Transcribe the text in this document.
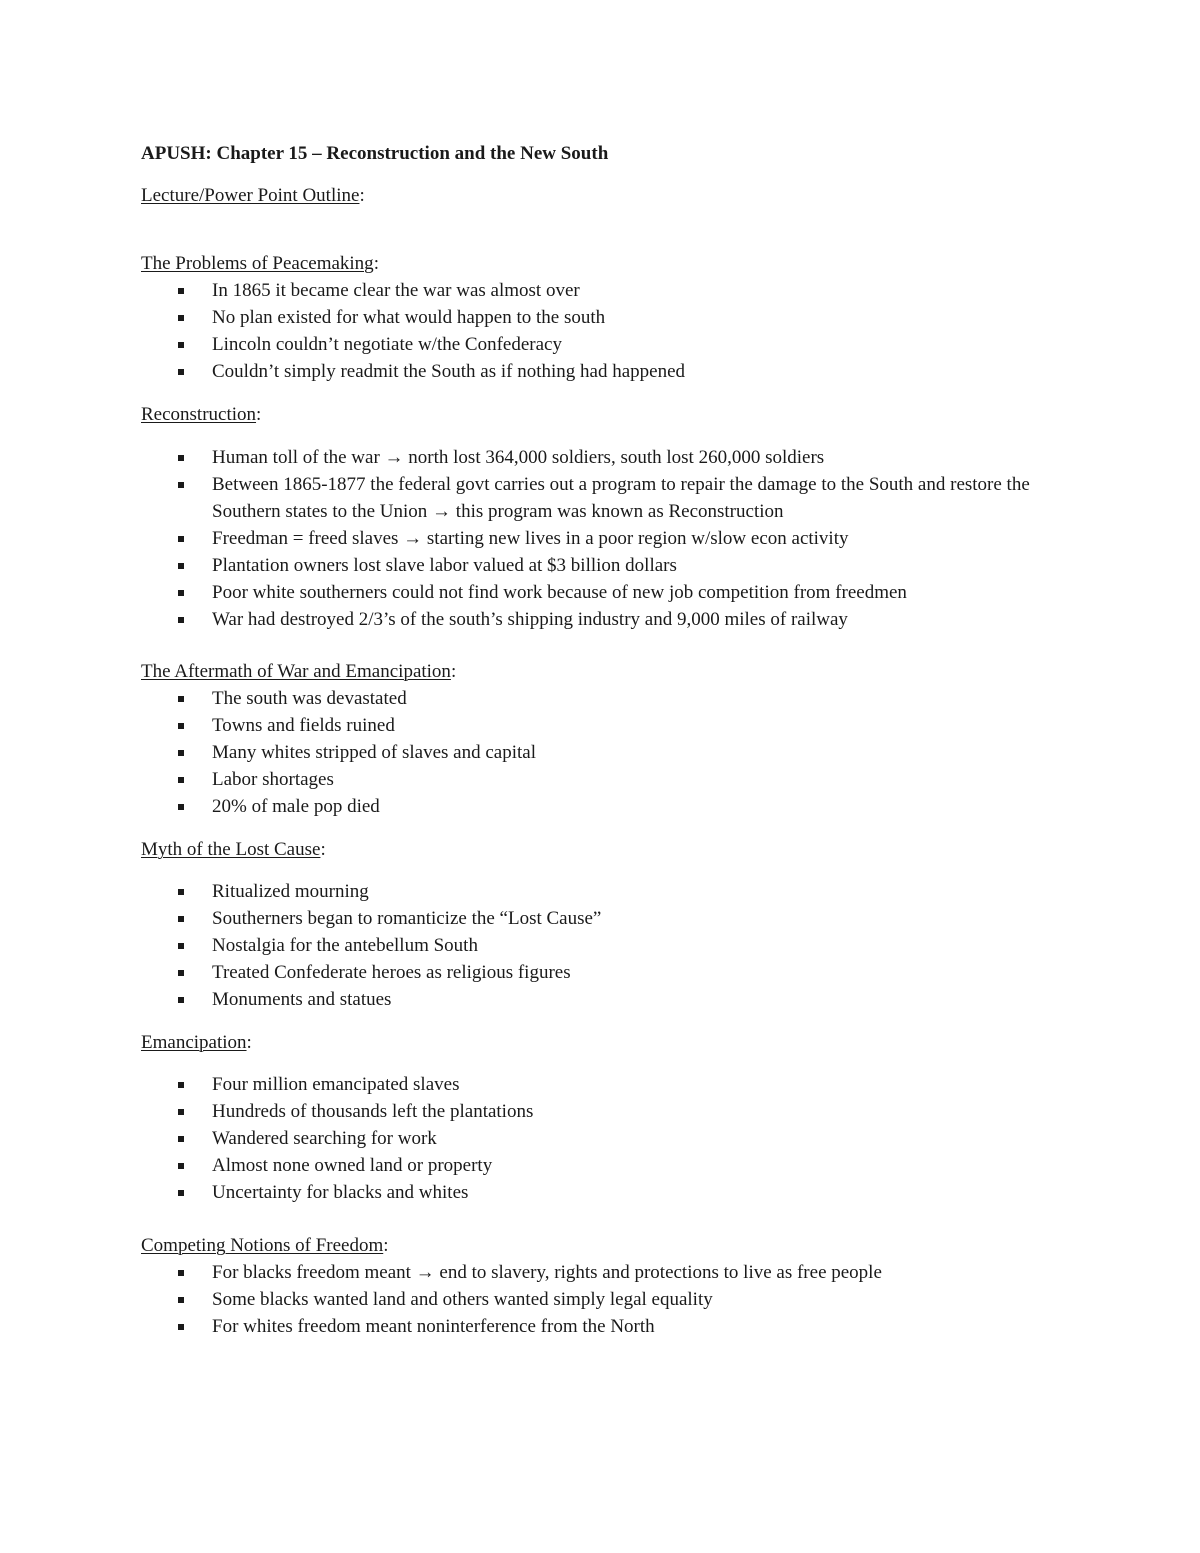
APUSH: Chapter 15 – Reconstruction and the New South
Lecture/Power Point Outline:
The Problems of Peacemaking:
In 1865 it became clear the war was almost over
No plan existed for what would happen to the south
Lincoln couldn’t negotiate w/the Confederacy
Couldn’t simply readmit the South as if nothing had happened
Reconstruction:
Human toll of the war → north lost 364,000 soldiers, south lost 260,000 soldiers
Between 1865-1877 the federal govt carries out a program to repair the damage to the South and restore the Southern states to the Union → this program was known as Reconstruction
Freedman = freed slaves → starting new lives in a poor region w/slow econ activity
Plantation owners lost slave labor valued at $3 billion dollars
Poor white southerners could not find work because of new job competition from freedmen
War had destroyed 2/3’s of the south’s shipping industry and 9,000 miles of railway
The Aftermath of War and Emancipation:
The south was devastated
Towns and fields ruined
Many whites stripped of slaves and capital
Labor shortages
20% of male pop died
Myth of the Lost Cause:
Ritualized mourning
Southerners began to romanticize the “Lost Cause”
Nostalgia for the antebellum South
Treated Confederate heroes as religious figures
Monuments and statues
Emancipation:
Four million emancipated slaves
Hundreds of thousands left the plantations
Wandered searching for work
Almost none owned land or property
Uncertainty for blacks and whites
Competing Notions of Freedom:
For blacks freedom meant → end to slavery, rights and protections to live as free people
Some blacks wanted land and others wanted simply legal equality
For whites freedom meant noninterference from the North
